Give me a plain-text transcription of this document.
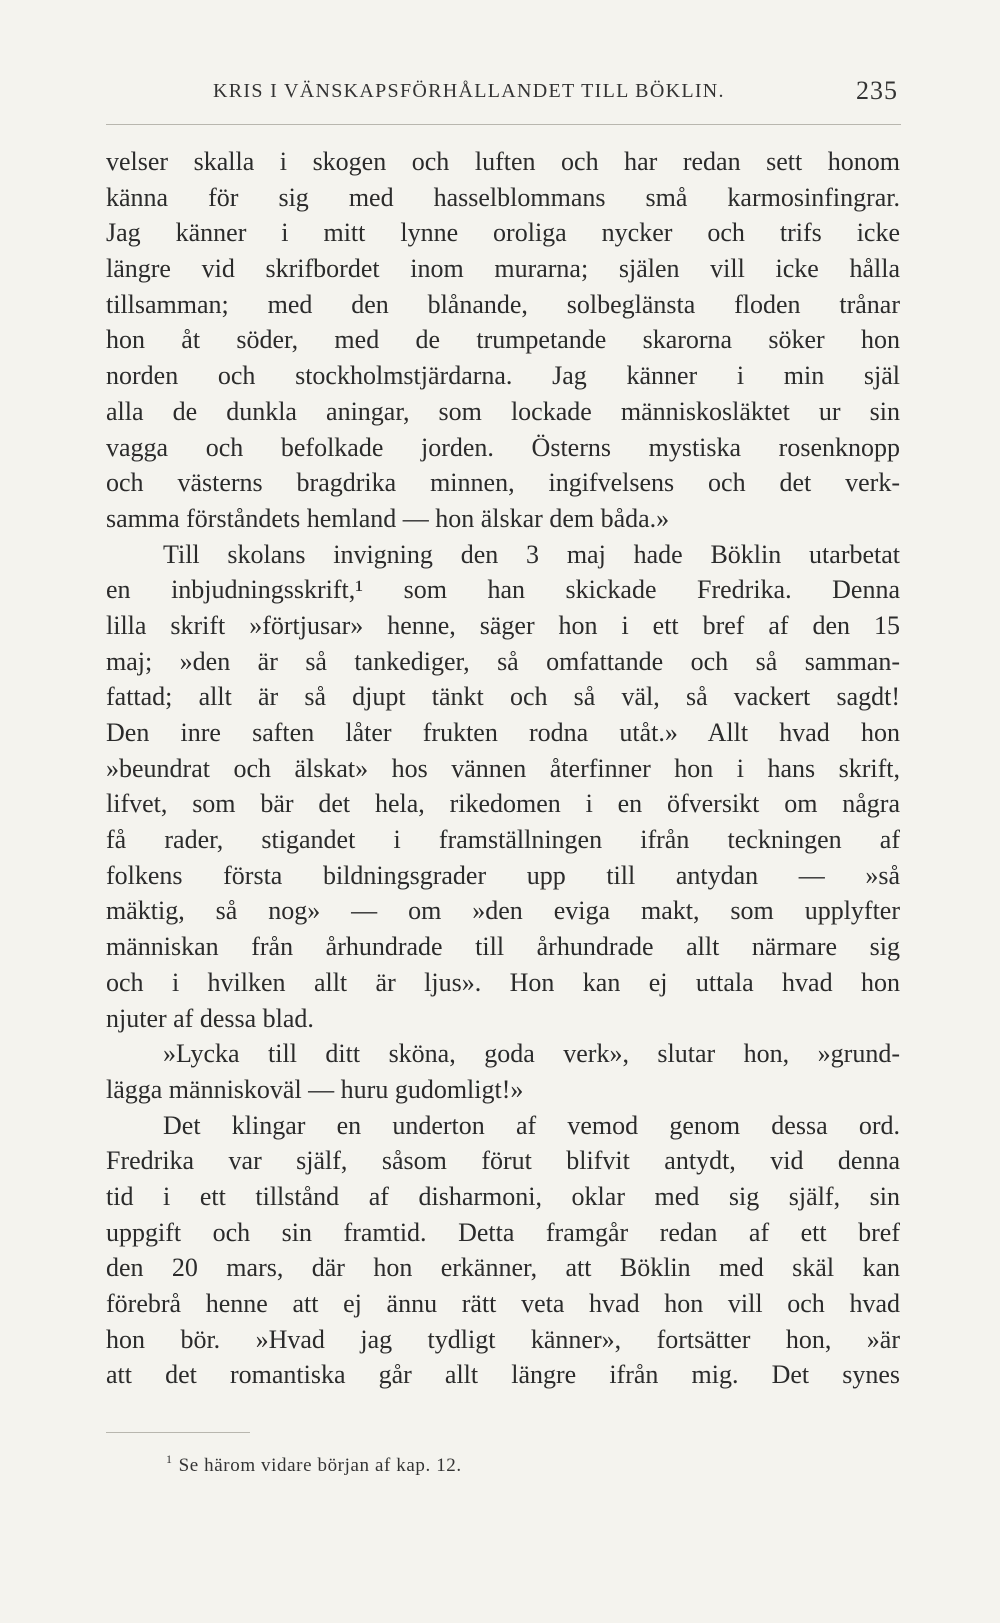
KRIS I VÄNSKAPSFÖRHÅLLANDET TILL BÖKLIN.	235
velser skalla i skogen och luften och har redan sett honom
känna för sig med hasselblommans små karmosinfingrar.
Jag känner i mitt lynne oroliga nycker och trifs icke
längre vid skrifbordet inom murarna; själen vill icke hålla
tillsamman; med den blånande, solbeglänsta floden trånar
hon åt söder, med de trumpetande skarorna söker hon
norden och stockholmstjärdarna. Jag känner i min själ
alla de dunkla aningar, som lockade människosläktet ur sin
vagga och befolkade jorden. Österns mystiska rosenknopp
och västerns bragdrika minnen, ingifvelsens och det verk-
samma förståndets hemland — hon älskar dem båda.»
Till skolans invigning den 3 maj hade Böklin utarbetat
en inbjudningsskrift,¹ som han skickade Fredrika. Denna
lilla skrift »förtjusar» henne, säger hon i ett bref af den 15
maj; »den är så tankediger, så omfattande och så samman-
fattad; allt är så djupt tänkt och så väl, så vackert sagdt!
Den inre saften låter frukten rodna utåt.» Allt hvad hon
»beundrat och älskat» hos vännen återfinner hon i hans skrift,
lifvet, som bär det hela, rikedomen i en öfversikt om några
få rader, stigandet i framställningen ifrån teckningen af
folkens första bildningsgrader upp till antydan — »så
mäktig, så nog» — om »den eviga makt, som upplyfter
människan från århundrade till århundrade allt närmare sig
och i hvilken allt är ljus». Hon kan ej uttala hvad hon
njuter af dessa blad.
»Lycka till ditt sköna, goda verk», slutar hon, »grund-
lägga människoväl — huru gudomligt!»
Det klingar en underton af vemod genom dessa ord.
Fredrika var själf, såsom förut blifvit antydt, vid denna
tid i ett tillstånd af disharmoni, oklar med sig själf, sin
uppgift och sin framtid. Detta framgår redan af ett bref
den 20 mars, där hon erkänner, att Böklin med skäl kan
förebrå henne att ej ännu rätt veta hvad hon vill och hvad
hon bör. »Hvad jag tydligt känner», fortsätter hon, »är
att det romantiska går allt längre ifrån mig. Det synes
$^1$ Se härom vidare början af kap. 12.
